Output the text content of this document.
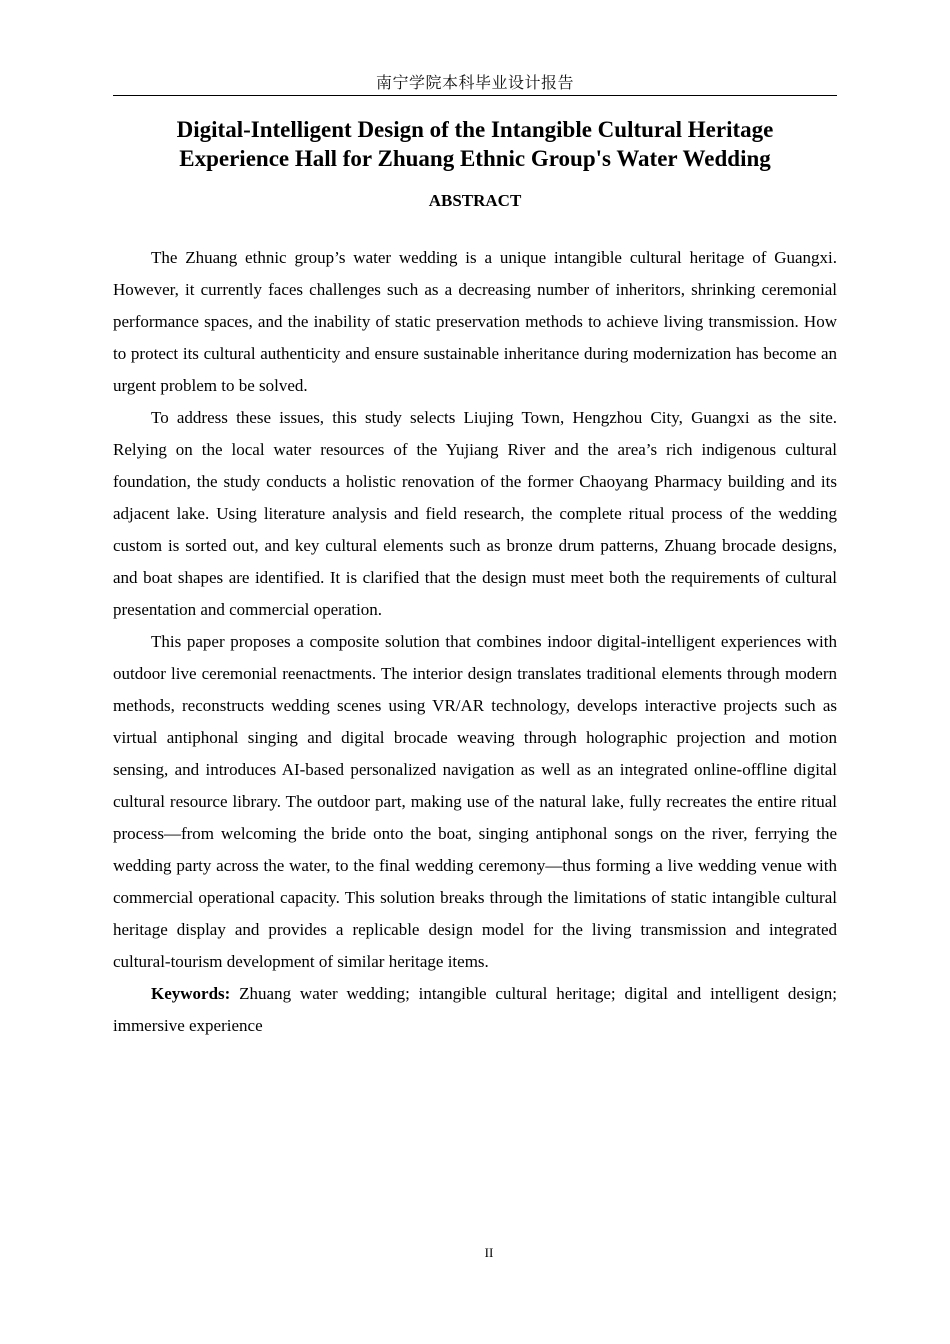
南宁学院本科毕业设计报告
Digital-Intelligent Design of the Intangible Cultural Heritage
Experience Hall for Zhuang Ethnic Group's Water Wedding
ABSTRACT

The Zhuang ethnic group’s water wedding is a unique intangible cultural heritage of Guangxi. However, it currently faces challenges such as a decreasing number of inheritors, shrinking ceremonial performance spaces, and the inability of static preservation methods to achieve living transmission. How to protect its cultural authenticity and ensure sustainable inheritance during modernization has become an urgent problem to be solved.

To address these issues, this study selects Liujing Town, Hengzhou City, Guangxi as the site. Relying on the local water resources of the Yujiang River and the area’s rich indigenous cultural foundation, the study conducts a holistic renovation of the former Chaoyang Pharmacy building and its adjacent lake. Using literature analysis and field research, the complete ritual process of the wedding custom is sorted out, and key cultural elements such as bronze drum patterns, Zhuang brocade designs, and boat shapes are identified. It is clarified that the design must meet both the requirements of cultural presentation and commercial operation.

This paper proposes a composite solution that combines indoor digital-intelligent experiences with outdoor live ceremonial reenactments. The interior design translates traditional elements through modern methods, reconstructs wedding scenes using VR/AR technology, develops interactive projects such as virtual antiphonal singing and digital brocade weaving through holographic projection and motion sensing, and introduces AI-based personalized navigation as well as an integrated online-offline digital cultural resource library. The outdoor part, making use of the natural lake, fully recreates the entire ritual process—from welcoming the bride onto the boat, singing antiphonal songs on the river, ferrying the wedding party across the water, to the final wedding ceremony—thus forming a live wedding venue with commercial operational capacity. This solution breaks through the limitations of static intangible cultural heritage display and provides a replicable design model for the living transmission and integrated cultural-tourism development of similar heritage items.

Keywords: Zhuang water wedding; intangible cultural heritage; digital and intelligent design; immersive experience

II
